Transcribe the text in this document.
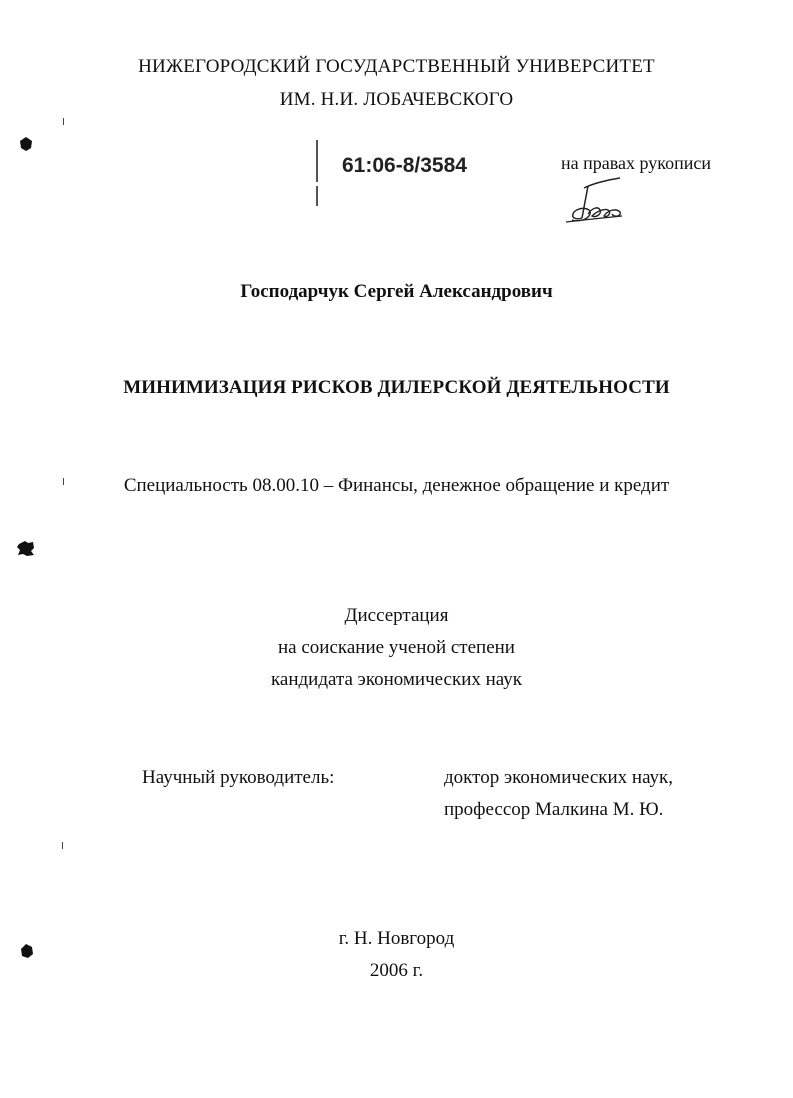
НИЖЕГОРОДСКИЙ ГОСУДАРСТВЕННЫЙ УНИВЕРСИТЕТ
ИМ. Н.И. ЛОБАЧЕВСКОГО
61:06-8/3584	на правах рукописи
Господарчук Сергей Александрович
МИНИМИЗАЦИЯ РИСКОВ ДИЛЕРСКОЙ ДЕЯТЕЛЬНОСТИ
Специальность 08.00.10 – Финансы, денежное обращение и кредит
Диссертация
на соискание ученой степени
кандидата экономических наук
Научный руководитель:	доктор экономических наук,
профессор Малкина М. Ю.
г. Н. Новгород
2006 г.
